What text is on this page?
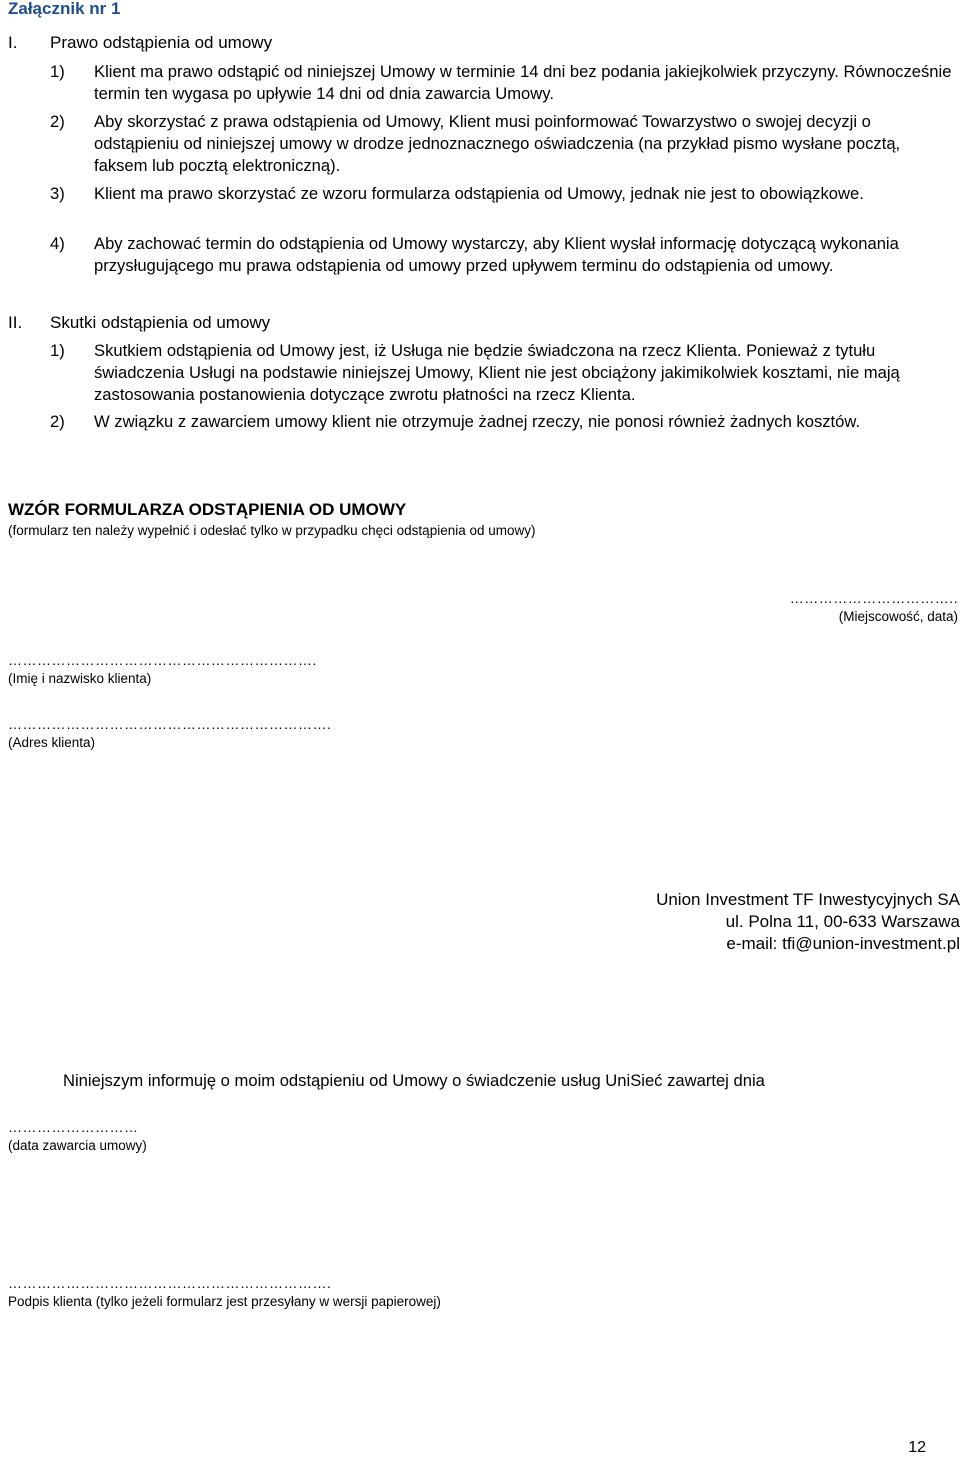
Załącznik nr 1
I. Prawo odstąpienia od umowy
1) Klient ma prawo odstąpić od niniejszej Umowy w terminie 14 dni bez podania jakiejkolwiek przyczyny. Równocześnie termin ten wygasa po upływie 14 dni od dnia zawarcia Umowy.
2) Aby skorzystać z prawa odstąpienia od Umowy, Klient musi poinformować Towarzystwo o swojej decyzji o odstąpieniu od niniejszej umowy w drodze jednoznacznego oświadczenia (na przykład pismo wysłane pocztą, faksem lub pocztą elektroniczną).
3) Klient ma prawo skorzystać ze wzoru formularza odstąpienia od Umowy, jednak nie jest to obowiązkowe.
4) Aby zachować termin do odstąpienia od Umowy wystarczy, aby Klient wysłał informację dotyczącą wykonania przysługującego mu prawa odstąpienia od umowy przed upływem terminu do odstąpienia od umowy.
II. Skutki odstąpienia od umowy
1) Skutkiem odstąpienia od Umowy jest, iż Usługa nie będzie świadczona na rzecz Klienta. Ponieważ z tytułu świadczenia Usługi na podstawie niniejszej Umowy, Klient nie jest obciążony jakimikolwiek kosztami, nie mają zastosowania postanowienia dotyczące zwrotu płatności na rzecz Klienta.
2) W związku z zawarciem umowy klient nie otrzymuje żadnej rzeczy, nie ponosi również żadnych kosztów.
WZÓR FORMULARZA ODSTĄPIENIA OD UMOWY
(formularz ten należy wypełnić i odesłać tylko w przypadku chęci odstąpienia od umowy)
……………………………..
(Miejscowość, data)
……………………………………………………….
(Imię i nazwisko klienta)
………………………………………………………….
(Adres klienta)
Union Investment TF Inwestycyjnych SA
ul. Polna 11, 00-633 Warszawa
e-mail: tfi@union-investment.pl
Niniejszym informuję o moim odstąpieniu od Umowy o świadczenie usług UniSieć zawartej dnia
………………………
(data zawarcia umowy)
………………………………………………………….
Podpis klienta (tylko jeżeli formularz jest przesyłany w wersji papierowej)
12
